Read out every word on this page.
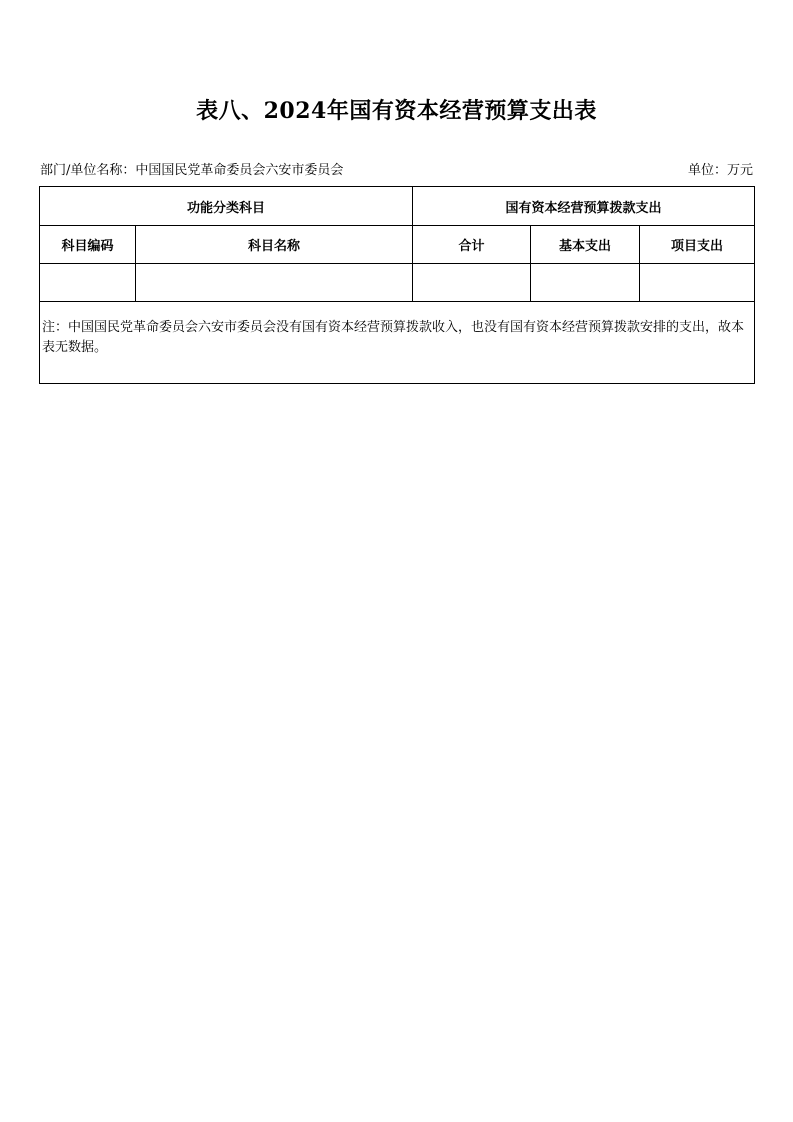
表八、2024年国有资本经营预算支出表
部门/单位名称：中国国民党革命委员会六安市委员会	单位：万元
功能分类科目		国有资本经营预算拨款支出		
科目编码	科目名称	合计	基本支出	项目支出

注：中国国民党革命委员会六安市委员会没有国有资本经营预算拨款收入，也没有国有资本经营预算拨款安排的支出，故本表无数据。				
